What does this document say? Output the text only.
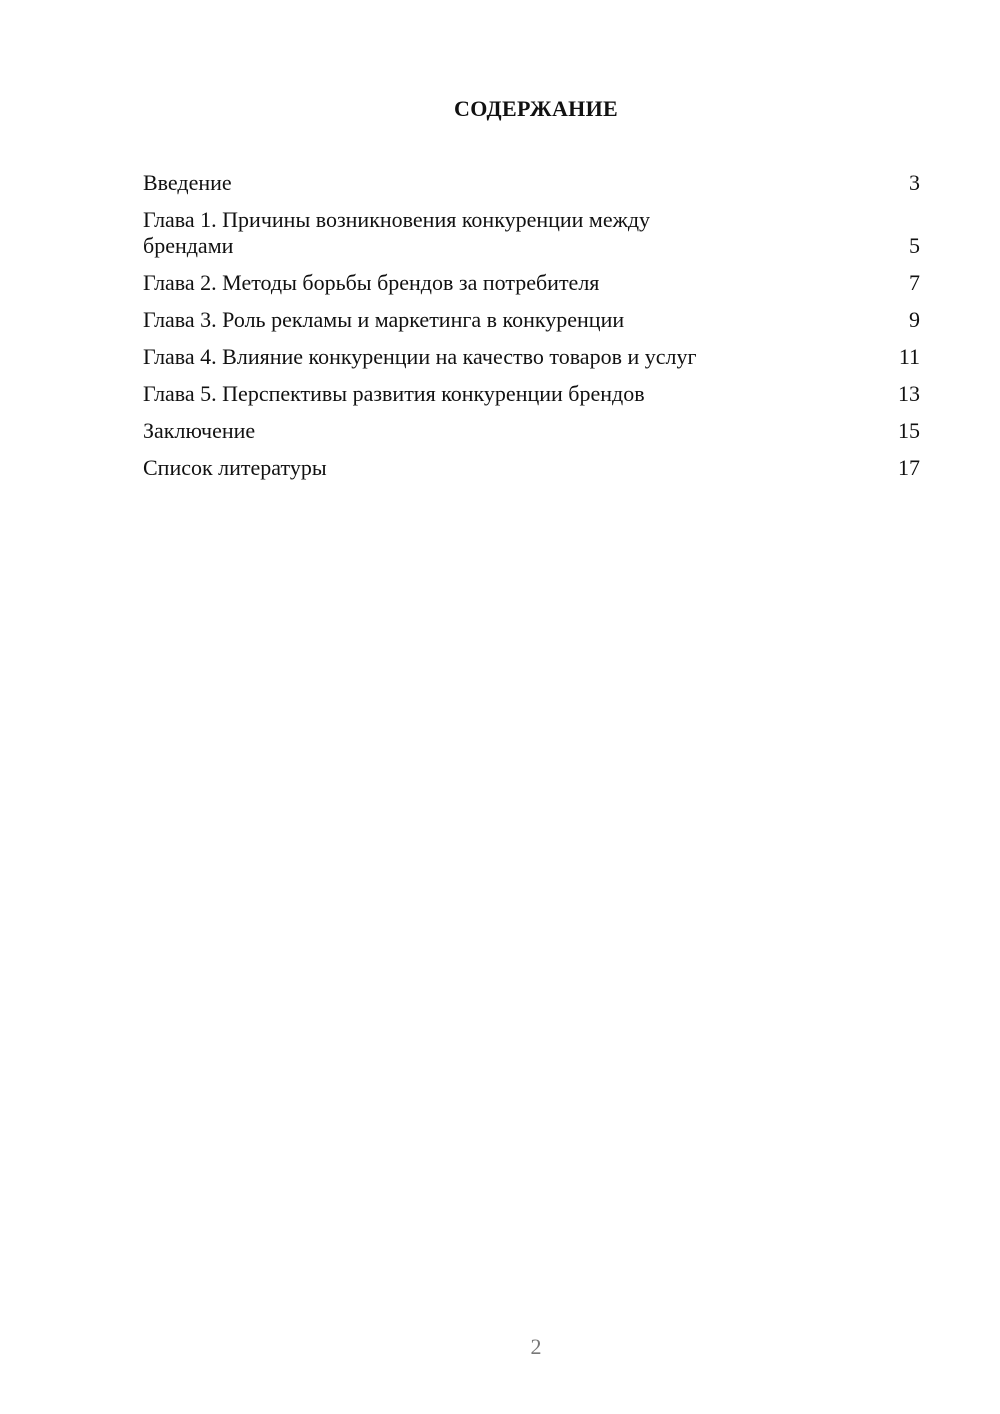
СОДЕРЖАНИЕ
Введение	3
Глава 1. Причины возникновения конкуренции между брендами	5
Глава 2. Методы борьбы брендов за потребителя	7
Глава 3. Роль рекламы и маркетинга в конкуренции	9
Глава 4. Влияние конкуренции на качество товаров и услуг	11
Глава 5. Перспективы развития конкуренции брендов	13
Заключение	15
Список литературы	17
2
